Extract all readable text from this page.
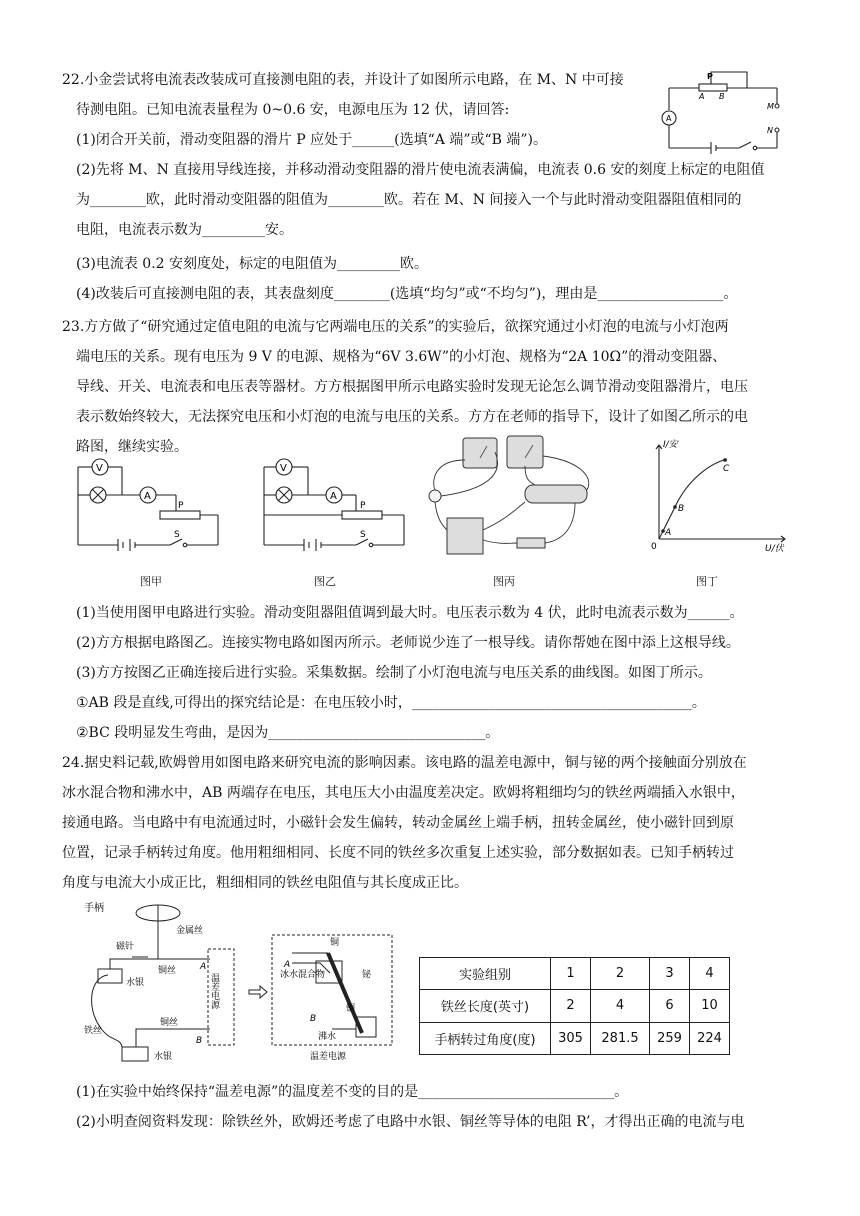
22.小金尝试将电流表改装成可直接测电阻的表，并设计了如图所示电路，在 M、N 中可接
待测电阻。已知电流表量程为 0~0.6 安，电源电压为 12 伏，请回答:
(1)闭合开关前，滑动变阻器的滑片 P 应处于______(选填“A 端”或“B 端”)。
(2)先将 M、N 直接用导线连接，并移动滑动变阻器的滑片使电流表满偏，电流表 0.6 安的刻度上标定的电阻值
为________欧，此时滑动变阻器的阻值为________欧。若在 M、N 间接入一个与此时滑动变阻器阻值相同的
电阻，电流表示数为_________安。
(3)电流表 0.2 安刻度处，标定的电阻值为_________欧。
(4)改装后可直接测电阻的表，其表盘刻度________(选填“均匀”或“不均匀”)，理由是__________________。
P
A B
M
N
A
23.方方做了“研究通过定值电阻的电流与它两端电压的关系”的实验后，欲探究通过小灯泡的电流与小灯泡两
端电压的关系。现有电压为 9 V 的电源、规格为“6V 3.6W”的小灯泡、规格为“2A 10Ω”的滑动变阻器、
导线、开关、电流表和电压表等器材。方方根据图甲所示电路实验时发现无论怎么调节滑动变阻器滑片，电压
表示数始终较大，无法探究电压和小灯泡的电流与电压的关系。方方在老师的指导下，设计了如图乙所示的电
路图，继续实验。
V
A
P
S
图甲
V
A
P
S
图乙	图丙
I/安
U/伏
0
A
B
C
图丁
(1)当使用图甲电路进行实验。滑动变阻器阻值调到最大时。电压表示数为 4 伏，此时电流表示数为______。
(2)方方根据电路图乙。连接实物电路如图丙所示。老师说少连了一根导线。请你帮她在图中添上这根导线。
(3)方方按图乙正确连接后进行实验。采集数据。绘制了小灯泡电流与电压关系的曲线图。如图丁所示。
①AB 段是直线,可得出的探究结论是：在电压较小时，________________________________________。
②BC 段明显发生弯曲，是因为_______________________________。
24.据史料记载,欧姆曾用如图电路来研究电流的影响因素。该电路的温差电源中，铜与铋的两个接触面分别放在
冰水混合物和沸水中，AB 两端存在电压，其电压大小由温度差决定。欧姆将粗细均匀的铁丝两端插入水银中，
接通电路。当电路中有电流通过时，小磁针会发生偏转，转动金属丝上端手柄，扭转金属丝，使小磁针回到原
位置，记录手柄转过角度。他用粗细相同、长度不同的铁丝多次重复上述实验，部分数据如表。已知手柄转过
角度与电流大小成正比，粗细相同的铁丝电阻值与其长度成正比。
手柄
金属丝
磁针
铜丝
水银
铁丝
铜丝
水银
A
B
温差电源
铜
铋
铜
冰水混合物
沸水
A
B
温差电源
实验组别	1	2	3	4
铁丝长度(英寸)	2	4	6	10
手柄转过角度(度)	305	281.5	259	224
(1)在实验中始终保持“温差电源”的温度差不变的目的是____________________________。
(2)小明查阅资料发现：除铁丝外，欧姆还考虑了电路中水银、铜丝等导体的电阻 R’，才得出正确的电流与电
